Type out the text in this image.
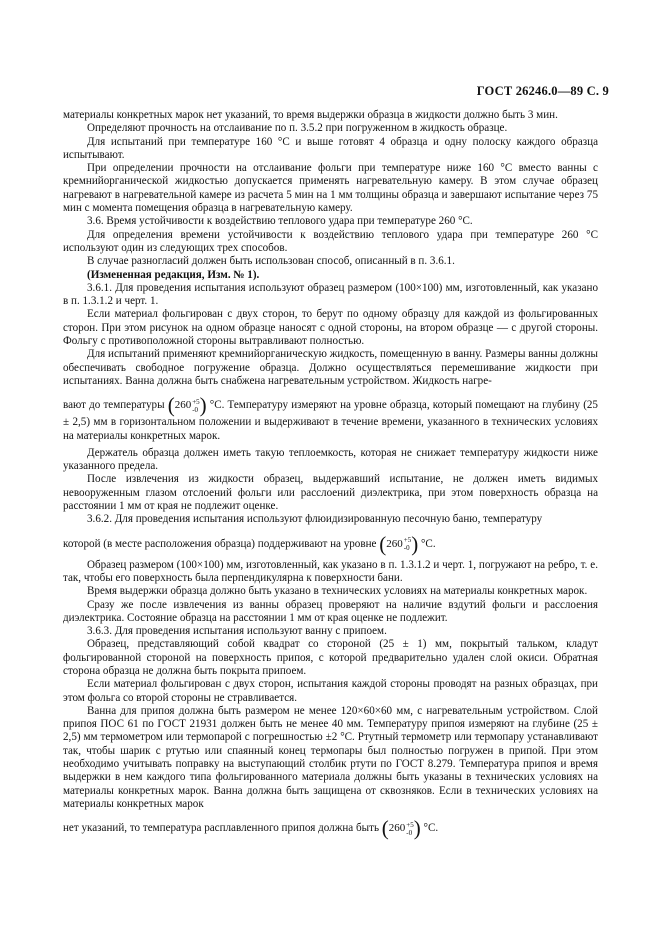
ГОСТ 26246.0—89 С. 9

материалы конкретных марок нет указаний, то время выдержки образца в жидкости должно быть 3 мин.

Определяют прочность на отслаивание по п. 3.5.2 при погруженном в жидкость образце.

Для испытаний при температуре 160 °С и выше готовят 4 образца и одну полоску каждого образца испытывают.

При определении прочности на отслаивание фольги при температуре ниже 160 °С вместо ванны с кремнийорганической жидкостью допускается применять нагревательную камеру. В этом случае образец нагревают в нагревательной камере из расчета 5 мин на 1 мм толщины образца и завершают испытание через 75 мин с момента помещения образца в нагревательную камеру.

3.6. Время устойчивости к воздействию теплового удара при температуре 260 °С.

Для определения времени устойчивости к воздействию теплового удара при температуре 260 °С используют один из следующих трех способов.

В случае разногласий должен быть использован способ, описанный в п. 3.6.1.

(Измененная редакция, Изм. № 1).

3.6.1. Для проведения испытания используют образец размером (100×100) мм, изготовленный, как указано в п. 1.3.1.2 и черт. 1.

Если материал фольгирован с двух сторон, то берут по одному образцу для каждой из фольгированных сторон. При этом рисунок на одном образце наносят с одной стороны, на втором образце — с другой стороны. Фольгу с противоположной стороны вытравливают полностью.

Для испытаний применяют кремнийорганическую жидкость, помещенную в ванну. Размеры ванны должны обеспечивать свободное погружение образца. Должно осуществляться перемешивание жидкости при испытаниях. Ванна должна быть снабжена нагревательным устройством. Жидкость нагре-

вают до температуры ( 260 +5
-0 ) °С. Температуру измеряют на уровне образца, который помещают на глубину (25 ± 2,5) мм в горизонтальном положении и выдерживают в течение времени, указанного в технических условиях на материалы конкретных марок.

Держатель образца должен иметь такую теплоемкость, которая не снижает температуру жидкости ниже указанного предела.

После извлечения из жидкости образец, выдержавший испытание, не должен иметь видимых невооруженным глазом отслоений фольги или расслоений диэлектрика, при этом поверхность образца на расстоянии 1 мм от края не подлежит оценке.

3.6.2. Для проведения испытания используют флюидизированную песочную баню, температуру

которой (в месте расположения образца) поддерживают на уровне ( 260 +5
-0 ) °С.

Образец размером (100×100) мм, изготовленный, как указано в п. 1.3.1.2 и черт. 1, погружают на ребро, т. е. так, чтобы его поверхность была перпендикулярна к поверхности бани.

Время выдержки образца должно быть указано в технических условиях на материалы конкретных марок.

Сразу же после извлечения из ванны образец проверяют на наличие вздутий фольги и расслоения диэлектрика. Состояние образца на расстоянии 1 мм от края оценке не подлежит.

3.6.3. Для проведения испытания используют ванну с припоем.

Образец, представляющий собой квадрат со стороной (25 ± 1) мм, покрытый тальком, кладут фольгированной стороной на поверхность припоя, с которой предварительно удален слой окиси. Обратная сторона образца не должна быть покрыта припоем.

Если материал фольгирован с двух сторон, испытания каждой стороны проводят на разных образцах, при этом фольга со второй стороны не стравливается.

Ванна для припоя должна быть размером не менее 120×60×60 мм, с нагревательным устройством. Слой припоя ПОС 61 по ГОСТ 21931 должен быть не менее 40 мм. Температуру припоя измеряют на глубине (25 ± 2,5) мм термометром или термопарой с погрешностью ±2 °С. Ртутный термометр или термопару устанавливают так, чтобы шарик с ртутью или спаянный конец термопары был полностью погружен в припой. При этом необходимо учитывать поправку на выступающий столбик ртути по ГОСТ 8.279. Температура припоя и время выдержки в нем каждого типа фольгированного материала должны быть указаны в технических условиях на материалы конкретных марок. Ванна должна быть защищена от сквозняков. Если в технических условиях на материалы конкретных марок

нет указаний, то температура расплавленного припоя должна быть ( 260 +5
-0 ) °С.
